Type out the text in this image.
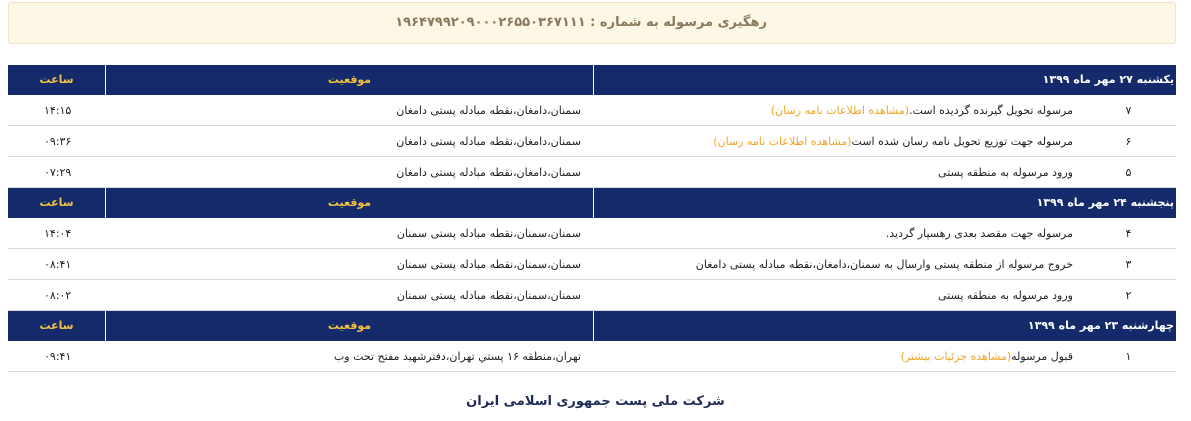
رهگیری مرسوله به شماره : ۱۹۶۴۷۹۹۲۰۹۰۰۰۲۶۵۵۰۳۶۷۱۱۱
یکشنبه ۲۷ مهر ماه ۱۳۹۹
موقعیت
ساعت
۷
مرسوله تحویل گیرنده گردیده است.(مشاهده اطلاعات نامه رسان)
سمنان،دامغان،نقطه مبادله پستی دامغان
۱۴:۱۵
۶
مرسوله جهت توزیع تحویل نامه رسان شده است(مشاهده اطلاعات نامه رسان)
سمنان،دامغان،نقطه مبادله پستی دامغان
۰۹:۳۶
۵
ورود مرسوله به منطقه پستی
سمنان،دامغان،نقطه مبادله پستی دامغان
۰۷:۲۹
پنجشنبه ۲۴ مهر ماه ۱۳۹۹
موقعیت
ساعت
۴
مرسوله جهت مقصد بعدی رهسپار گردید.
سمنان،سمنان،نقطه مبادله پستی سمنان
۱۴:۰۴
۳
خروج مرسوله از منطقه پستی وارسال به سمنان،دامغان،نقطه مبادله پستی دامغان
سمنان،سمنان،نقطه مبادله پستی سمنان
۰۸:۴۱
۲
ورود مرسوله به منطقه پستی
سمنان،سمنان،نقطه مبادله پستی سمنان
۰۸:۰۲
چهارشنبه ۲۳ مهر ماه ۱۳۹۹
موقعیت
ساعت
۱
قبول مرسوله(مشاهده جزئیات بیشتر)
تهران،منطقه ۱۶ پستي تهران،دفترشهید مفتح تحت وب
۰۹:۴۱
شرکت ملی پست جمهوری اسلامی ایران
